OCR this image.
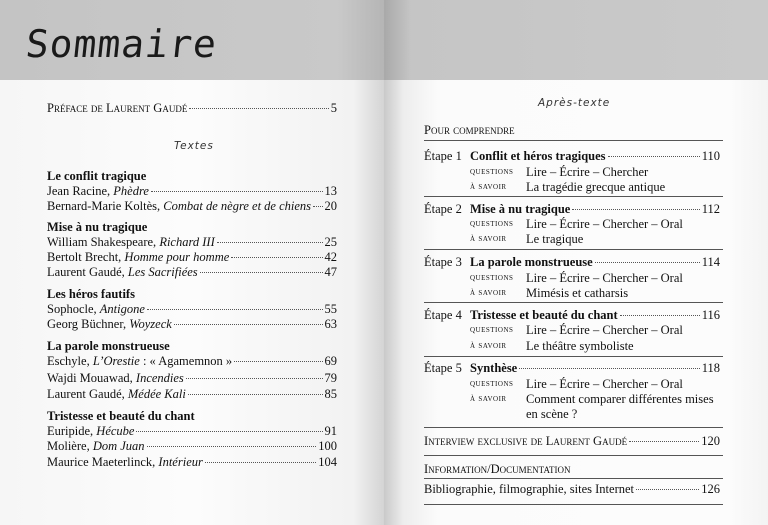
Sommaire
Préface de Laurent Gaudé	5
Textes
Le conflit tragique
Jean Racine, Phèdre	13
Bernard-Marie Koltès, Combat de nègre et de chiens 20
Mise à nu tragique
William Shakespeare, Richard III	25
Bertolt Brecht, Homme pour homme	42
Laurent Gaudé, Les Sacrifiées	47
Les héros fautifs
Sophocle, Antigone	55
Georg Büchner, Woyzeck	63
La parole monstrueuse
Eschyle, L’Orestie : « Agamemnon »	69
Wajdi Mouawad, Incendies	79
Laurent Gaudé, Médée Kali	85
Tristesse et beauté du chant
Euripide, Hécube	91
Molière, Dom Juan	100
Maurice Maeterlinck, Intérieur	104
Après-texte
Pour comprendre
Étape 1 Conflit et héros tragiques	110
questions Lire – Écrire – Chercher
à savoir La tragédie grecque antique
Étape 2 Mise à nu tragique	112
questions Lire – Écrire – Chercher – Oral
à savoir Le tragique
Étape 3 La parole monstrueuse	114
questions Lire – Écrire – Chercher – Oral
à savoir Mimésis et catharsis
Étape 4 Tristesse et beauté du chant	116
questions Lire – Écrire – Chercher – Oral
à savoir Le théâtre symboliste
Étape 5 Synthèse	118
questions Lire – Écrire – Chercher – Oral
à savoir Comment comparer différentes mises
en scène ?
Interview exclusive de Laurent Gaudé	120
Information/Documentation
Bibliographie, filmographie, sites Internet	126
